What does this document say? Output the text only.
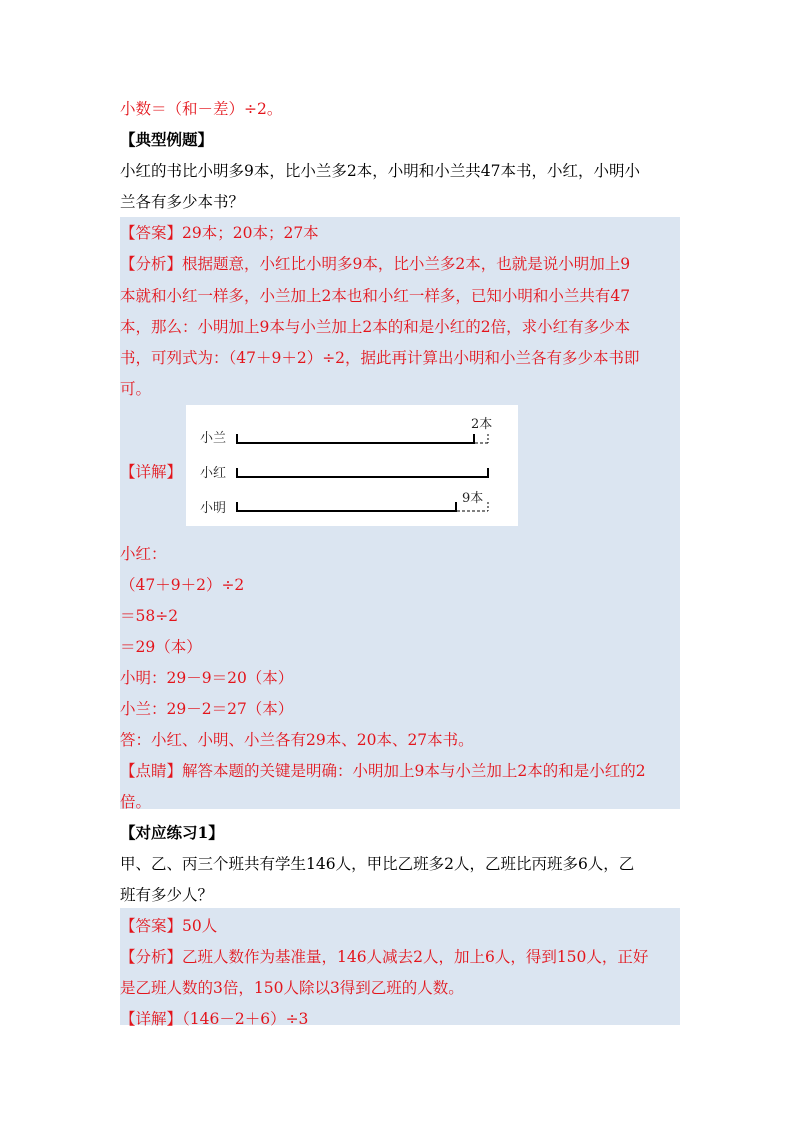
小数＝（和－差）÷2。
【典型例题】
小红的书比小明多9本，比小兰多2本，小明和小兰共47本书，小红，小明小
兰各有多少本书？
【答案】29本；20本；27本
【分析】根据题意，小红比小明多9本，比小兰多2本，也就是说小明加上9
本就和小红一样多，小兰加上2本也和小红一样多，已知小明和小兰共有47
本，那么：小明加上9本与小兰加上2本的和是小红的2倍，求小红有多少本
书，可列式为：（47＋9＋2）÷2，据此再计算出小明和小兰各有多少本书即
可。
【详解】
小兰
2本
小红
小明
9本
小红：
（47＋9＋2）÷2
＝58÷2
＝29（本）
小明：29－9＝20（本）
小兰：29－2＝27（本）
答：小红、小明、小兰各有29本、20本、27本书。
【点睛】解答本题的关键是明确：小明加上9本与小兰加上2本的和是小红的2
倍。
【对应练习1】
甲、乙、丙三个班共有学生146人，甲比乙班多2人，乙班比丙班多6人，乙
班有多少人？
【答案】50人
【分析】乙班人数作为基准量，146人减去2人，加上6人，得到150人，正好
是乙班人数的3倍，150人除以3得到乙班的人数。
【详解】（146－2＋6）÷3
